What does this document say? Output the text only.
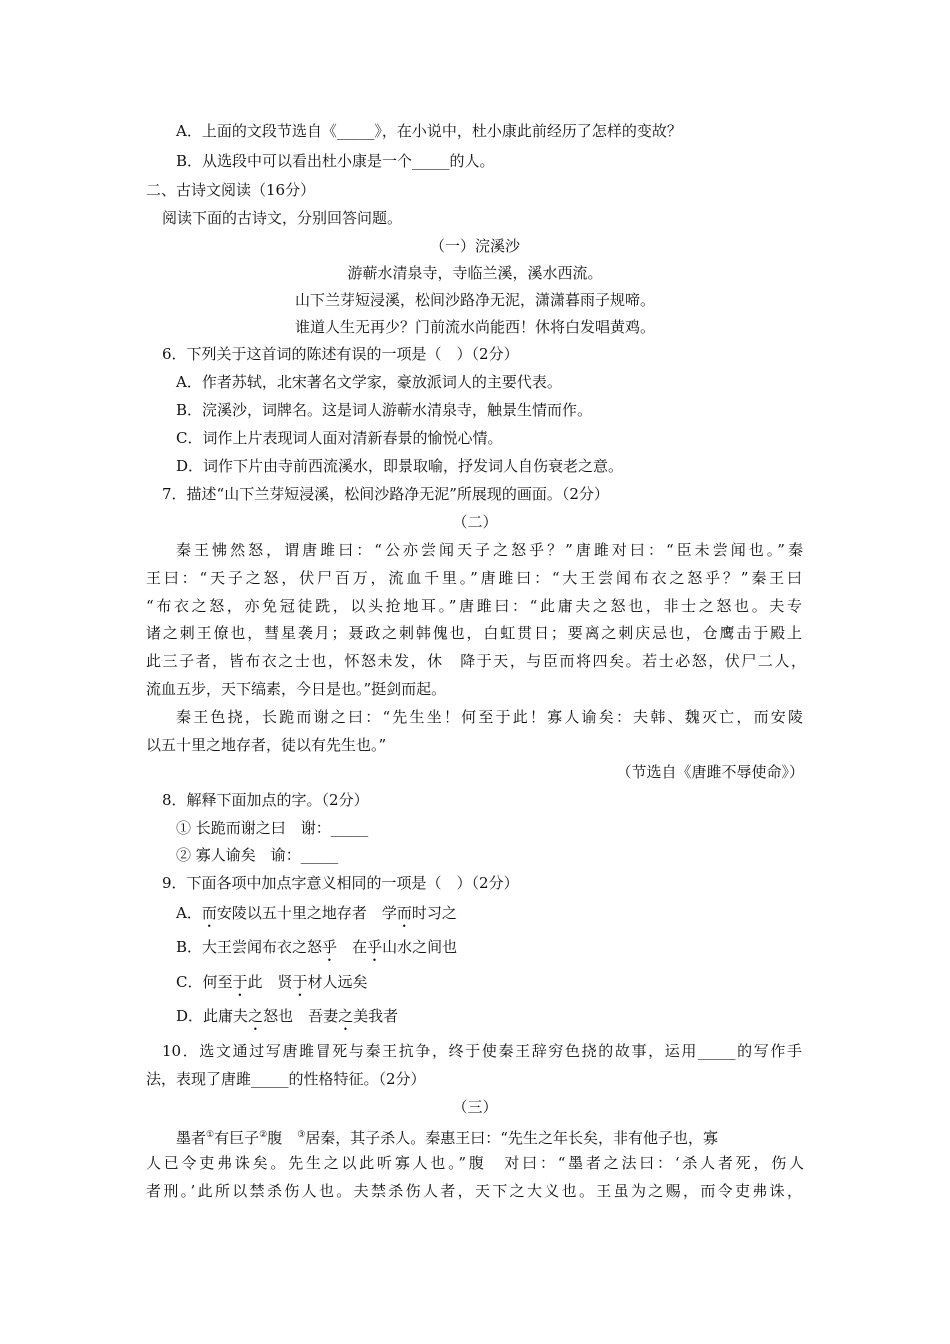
A．上面的文段节选自《_____》，在小说中，杜小康此前经历了怎样的变故？
B．从选段中可以看出杜小康是一个_____的人。
二、古诗文阅读（16分）
阅读下面的古诗文，分别回答问题。
（一）浣溪沙
游蕲水清泉寺，寺临兰溪，溪水西流。
山下兰芽短浸溪，松间沙路净无泥，潇潇暮雨子规啼。
谁道人生无再少？门前流水尚能西！休将白发唱黄鸡。
6．下列关于这首词的陈述有误的一项是（　）（2分）
A．作者苏轼，北宋著名文学家，豪放派词人的主要代表。
B．浣溪沙，词牌名。这是词人游蕲水清泉寺，触景生情而作。
C．词作上片表现词人面对清新春景的愉悦心情。
D．词作下片由寺前西流溪水，即景取喻，抒发词人自伤衰老之意。
7．描述“山下兰芽短浸溪，松间沙路净无泥”所展现的画面。（2分）
（二）
秦王怫然怒，谓唐雎曰：“公亦尝闻天子之怒乎？”唐雎对曰：“臣未尝闻也。”秦
王曰：“天子之怒，伏尸百万，流血千里。”唐雎曰：“大王尝闻布衣之怒乎？”秦王曰
“布衣之怒，亦免冠徒跣，以头抢地耳。”唐雎曰：“此庸夫之怒也，非士之怒也。夫专
诸之刺王僚也，彗星袭月；聂政之刺韩傀也，白虹贯日；要离之刺庆忌也，仓鹰击于殿上
此三子者，皆布衣之士也，怀怒未发，休　降于天，与臣而将四矣。若士必怒，伏尸二人，
流血五步，天下缟素，今日是也。”挺剑而起。
秦王色挠，长跪而谢之曰：“先生坐！何至于此！寡人谕矣：夫韩、魏灭亡，而安陵
以五十里之地存者，徒以有先生也。”
（节选自《唐雎不辱使命》）
8．解释下面加点的字。（2分）
① 长跪而谢之曰　谢：_____
② 寡人谕矣　谕：_____
9．下面各项中加点字意义相同的一项是（　）（2分）
A．而安陵以五十里之地存者　学而时习之
B．大王尝闻布衣之怒乎　在乎山水之间也
C．何至于此　贤于材人远矣
D．此庸夫之怒也　吾妻之美我者
10．选文通过写唐雎冒死与秦王抗争，终于使秦王辞穷色挠的故事，运用_____的写作手
法，表现了唐雎_____的性格特征。（2分）
（三）
墨者①有巨子②腹　③居秦，其子杀人。秦惠王曰：“先生之年长矣，非有他子也，寡
人已令吏弗诛矣。先生之以此听寡人也。”腹　对曰：“墨者之法曰：‘杀人者死，伤人
者刑。’此所以禁杀伤人也。夫禁杀伤人者，天下之大义也。王虽为之赐，而令吏弗诛，
